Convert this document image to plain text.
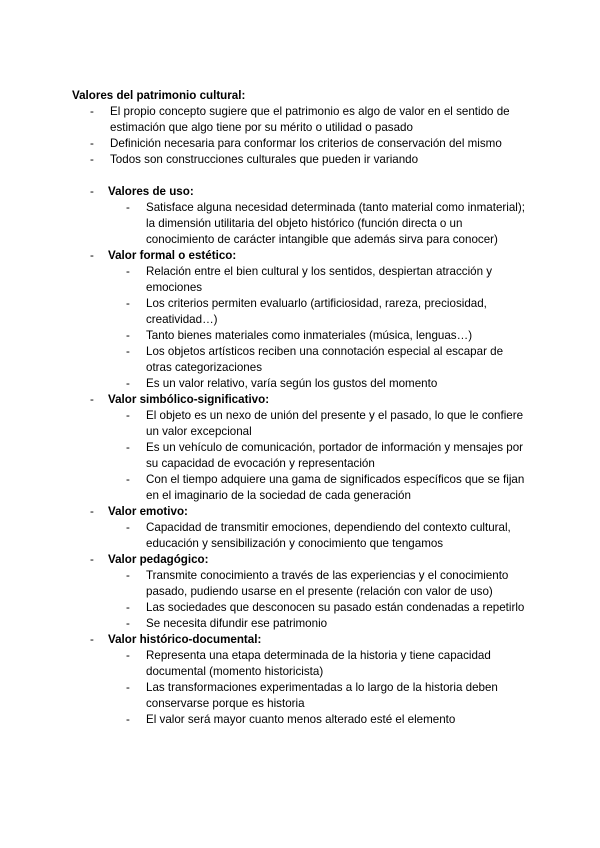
Valores del patrimonio cultural:

- El propio concepto sugiere que el patrimonio es algo de valor en el sentido de estimación que algo tiene por su mérito o utilidad o pasado
- Definición necesaria para conformar los criterios de conservación del mismo
- Todos son construcciones culturales que pueden ir variando
- Valores de uso:
- Satisface alguna necesidad determinada (tanto material como inmaterial); la dimensión utilitaria del objeto histórico (función directa o un conocimiento de carácter intangible que además sirva para conocer)
- Valor formal o estético:
- Relación entre el bien cultural y los sentidos, despiertan atracción y emociones
- Los criterios permiten evaluarlo (artificiosidad, rareza, preciosidad, creatividad…)
- Tanto bienes materiales como inmateriales (música, lenguas…)
- Los objetos artísticos reciben una connotación especial al escapar de otras categorizaciones
- Es un valor relativo, varía según los gustos del momento
- Valor simbólico-significativo:
- El objeto es un nexo de unión del presente y el pasado, lo que le confiere un valor excepcional
- Es un vehículo de comunicación, portador de información y mensajes por su capacidad de evocación y representación
- Con el tiempo adquiere una gama de significados específicos que se fijan en el imaginario de la sociedad de cada generación
- Valor emotivo:
- Capacidad de transmitir emociones, dependiendo del contexto cultural, educación y sensibilización y conocimiento que tengamos
- Valor pedagógico:
- Transmite conocimiento a través de las experiencias y el conocimiento pasado, pudiendo usarse en el presente (relación con valor de uso)
- Las sociedades que desconocen su pasado están condenadas a repetirlo
- Se necesita difundir ese patrimonio
- Valor histórico-documental:
- Representa una etapa determinada de la historia y tiene capacidad documental (momento historicista)
- Las transformaciones experimentadas a lo largo de la historia deben conservarse porque es historia
- El valor será mayor cuanto menos alterado esté el elemento
